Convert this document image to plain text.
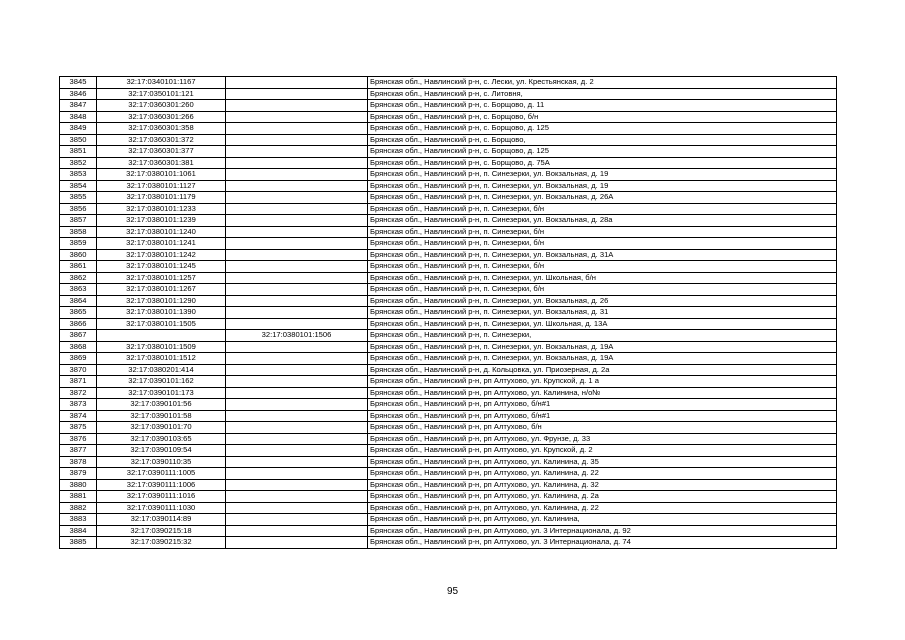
3845	32:17:0340101:1167		Брянская обл., Навлинский р-н, с. Лески, ул. Крестьянская, д. 2
3846	32:17:0350101:121		Брянская обл., Навлинский р-н, с. Литовня,
3847	32:17:0360301:260		Брянская обл., Навлинский р-н, с. Борщово, д. 11
3848	32:17:0360301:266		Брянская обл., Навлинский р-н, с. Борщово, б/н
3849	32:17:0360301:358		Брянская обл., Навлинский р-н, с. Борщово, д. 125
3850	32:17:0360301:372		Брянская обл., Навлинский р-н, с. Борщово,
3851	32:17:0360301:377		Брянская обл., Навлинский р-н, с. Борщово, д. 125
3852	32:17:0360301:381		Брянская обл., Навлинский р-н, с. Борщово, д. 75А
3853	32:17:0380101:1061		Брянская обл., Навлинский р-н, п. Синезерки, ул. Вокзальная, д. 19
3854	32:17:0380101:1127		Брянская обл., Навлинский р-н, п. Синезерки, ул. Вокзальная, д. 19
3855	32:17:0380101:1179		Брянская обл., Навлинский р-н, п. Синезерки, ул. Вокзальная, д. 26А
3856	32:17:0380101:1233		Брянская обл., Навлинский р-н, п. Синезерки, б/н
3857	32:17:0380101:1239		Брянская обл., Навлинский р-н, п. Синезерки, ул. Вокзальная, д. 28а
3858	32:17:0380101:1240		Брянская обл., Навлинский р-н, п. Синезерки, б/н
3859	32:17:0380101:1241		Брянская обл., Навлинский р-н, п. Синезерки, б/н
3860	32:17:0380101:1242		Брянская обл., Навлинский р-н, п. Синезерки, ул. Вокзальная, д. 31А
3861	32:17:0380101:1245		Брянская обл., Навлинский р-н, п. Синезерки, б/н
3862	32:17:0380101:1257		Брянская обл., Навлинский р-н, п. Синезерки, ул. Школьная, б/н
3863	32:17:0380101:1267		Брянская обл., Навлинский р-н, п. Синезерки, б/н
3864	32:17:0380101:1290		Брянская обл., Навлинский р-н, п. Синезерки, ул. Вокзальная, д. 26
3865	32:17:0380101:1390		Брянская обл., Навлинский р-н, п. Синезерки, ул. Вокзальная, д. 31
3866	32:17:0380101:1505		Брянская обл., Навлинский р-н, п. Синезерки, ул. Школьная, д. 13А
3867		32:17:0380101:1506	Брянская обл., Навлинский р-н, п. Синезерки,
3868	32:17:0380101:1509		Брянская обл., Навлинский р-н, п. Синезерки, ул. Вокзальная, д. 19А
3869	32:17:0380101:1512		Брянская обл., Навлинский р-н, п. Синезерки, ул. Вокзальная, д. 19А
3870	32:17:0380201:414		Брянская обл., Навлинский р-н, д. Кольцовка, ул. Приозерная, д. 2а
3871	32:17:0390101:162		Брянская обл., Навлинский р-н, рп Алтухово, ул. Крупской, д. 1 а
3872	32:17:0390101:173		Брянская обл., Навлинский р-н, рп Алтухово, ул. Калинина, н/о№
3873	32:17:0390101:56		Брянская обл., Навлинский р-н, рп Алтухово, б/н#1
3874	32:17:0390101:58		Брянская обл., Навлинский р-н, рп Алтухово, б/н#1
3875	32:17:0390101:70		Брянская обл., Навлинский р-н, рп Алтухово, б/н
3876	32:17:0390103:65		Брянская обл., Навлинский р-н, рп Алтухово, ул. Фрунзе, д. 33
3877	32:17:0390109:54		Брянская обл., Навлинский р-н, рп Алтухово, ул. Крупской, д. 2
3878	32:17:0390110:35		Брянская обл., Навлинский р-н, рп Алтухово, ул. Калинина, д. 35
3879	32:17:0390111:1005		Брянская обл., Навлинский р-н, рп Алтухово, ул. Калинина, д. 22
3880	32:17:0390111:1006		Брянская обл., Навлинский р-н, рп Алтухово, ул. Калинина, д. 32
3881	32:17:0390111:1016		Брянская обл., Навлинский р-н, рп Алтухово, ул. Калинина, д. 2а
3882	32:17:0390111:1030		Брянская обл., Навлинский р-н, рп Алтухово, ул. Калинина, д. 22
3883	32:17:0390114:89		Брянская обл., Навлинский р-н, рп Алтухово, ул. Калинина,
3884	32:17:0390215:18		Брянская обл., Навлинский р-н, рп Алтухово, ул. 3 Интернационала, д. 92
3885	32:17:0390215:32		Брянская обл., Навлинский р-н, рп Алтухово, ул. 3 Интернационала, д. 74
95
